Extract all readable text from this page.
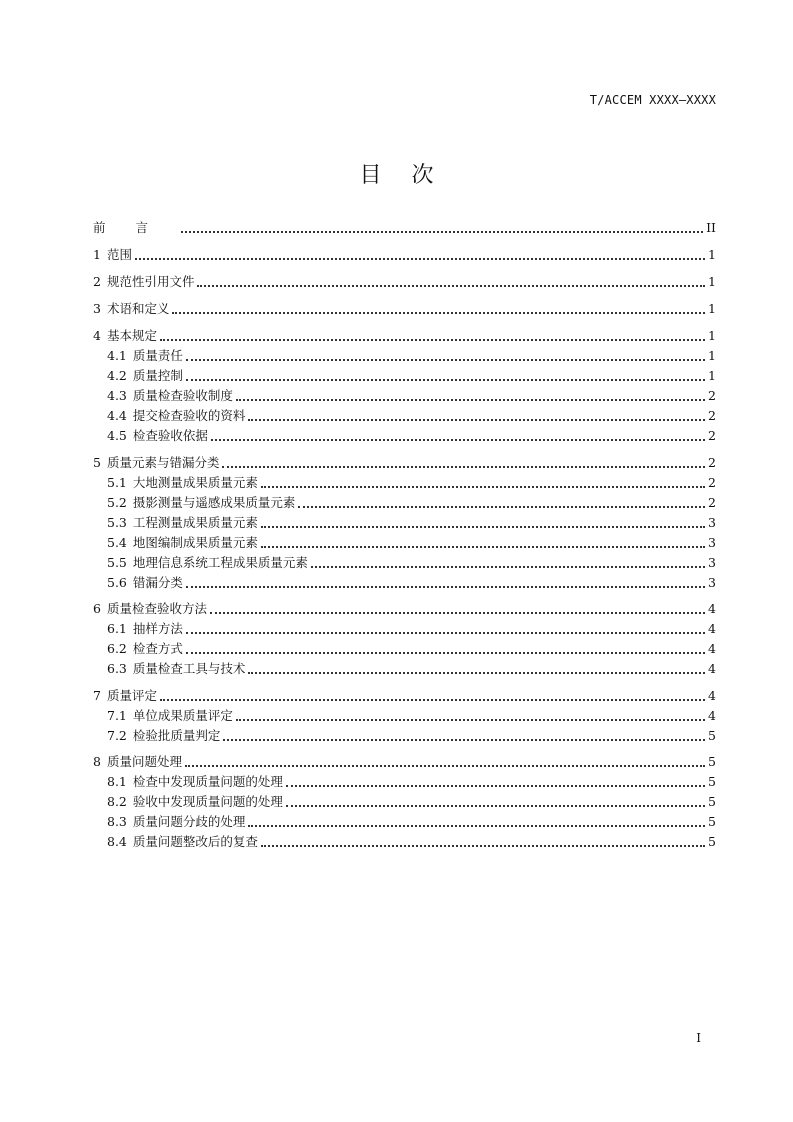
T/ACCEM XXXX—XXXX
目次
前言	II
1 范围	1
2 规范性引用文件	1
3 术语和定义	1
4 基本规定	1
4.1 质量责任	1
4.2 质量控制	1
4.3 质量检查验收制度	2
4.4 提交检查验收的资料	2
4.5 检查验收依据	2
5 质量元素与错漏分类	2
5.1 大地测量成果质量元素	2
5.2 摄影测量与遥感成果质量元素	2
5.3 工程测量成果质量元素	3
5.4 地图编制成果质量元素	3
5.5 地理信息系统工程成果质量元素	3
5.6 错漏分类	3
6 质量检查验收方法	4
6.1 抽样方法	4
6.2 检查方式	4
6.3 质量检查工具与技术	4
7 质量评定	4
7.1 单位成果质量评定	4
7.2 检验批质量判定	5
8 质量问题处理	5
8.1 检查中发现质量问题的处理	5
8.2 验收中发现质量问题的处理	5
8.3 质量问题分歧的处理	5
8.4 质量问题整改后的复查	5
I
